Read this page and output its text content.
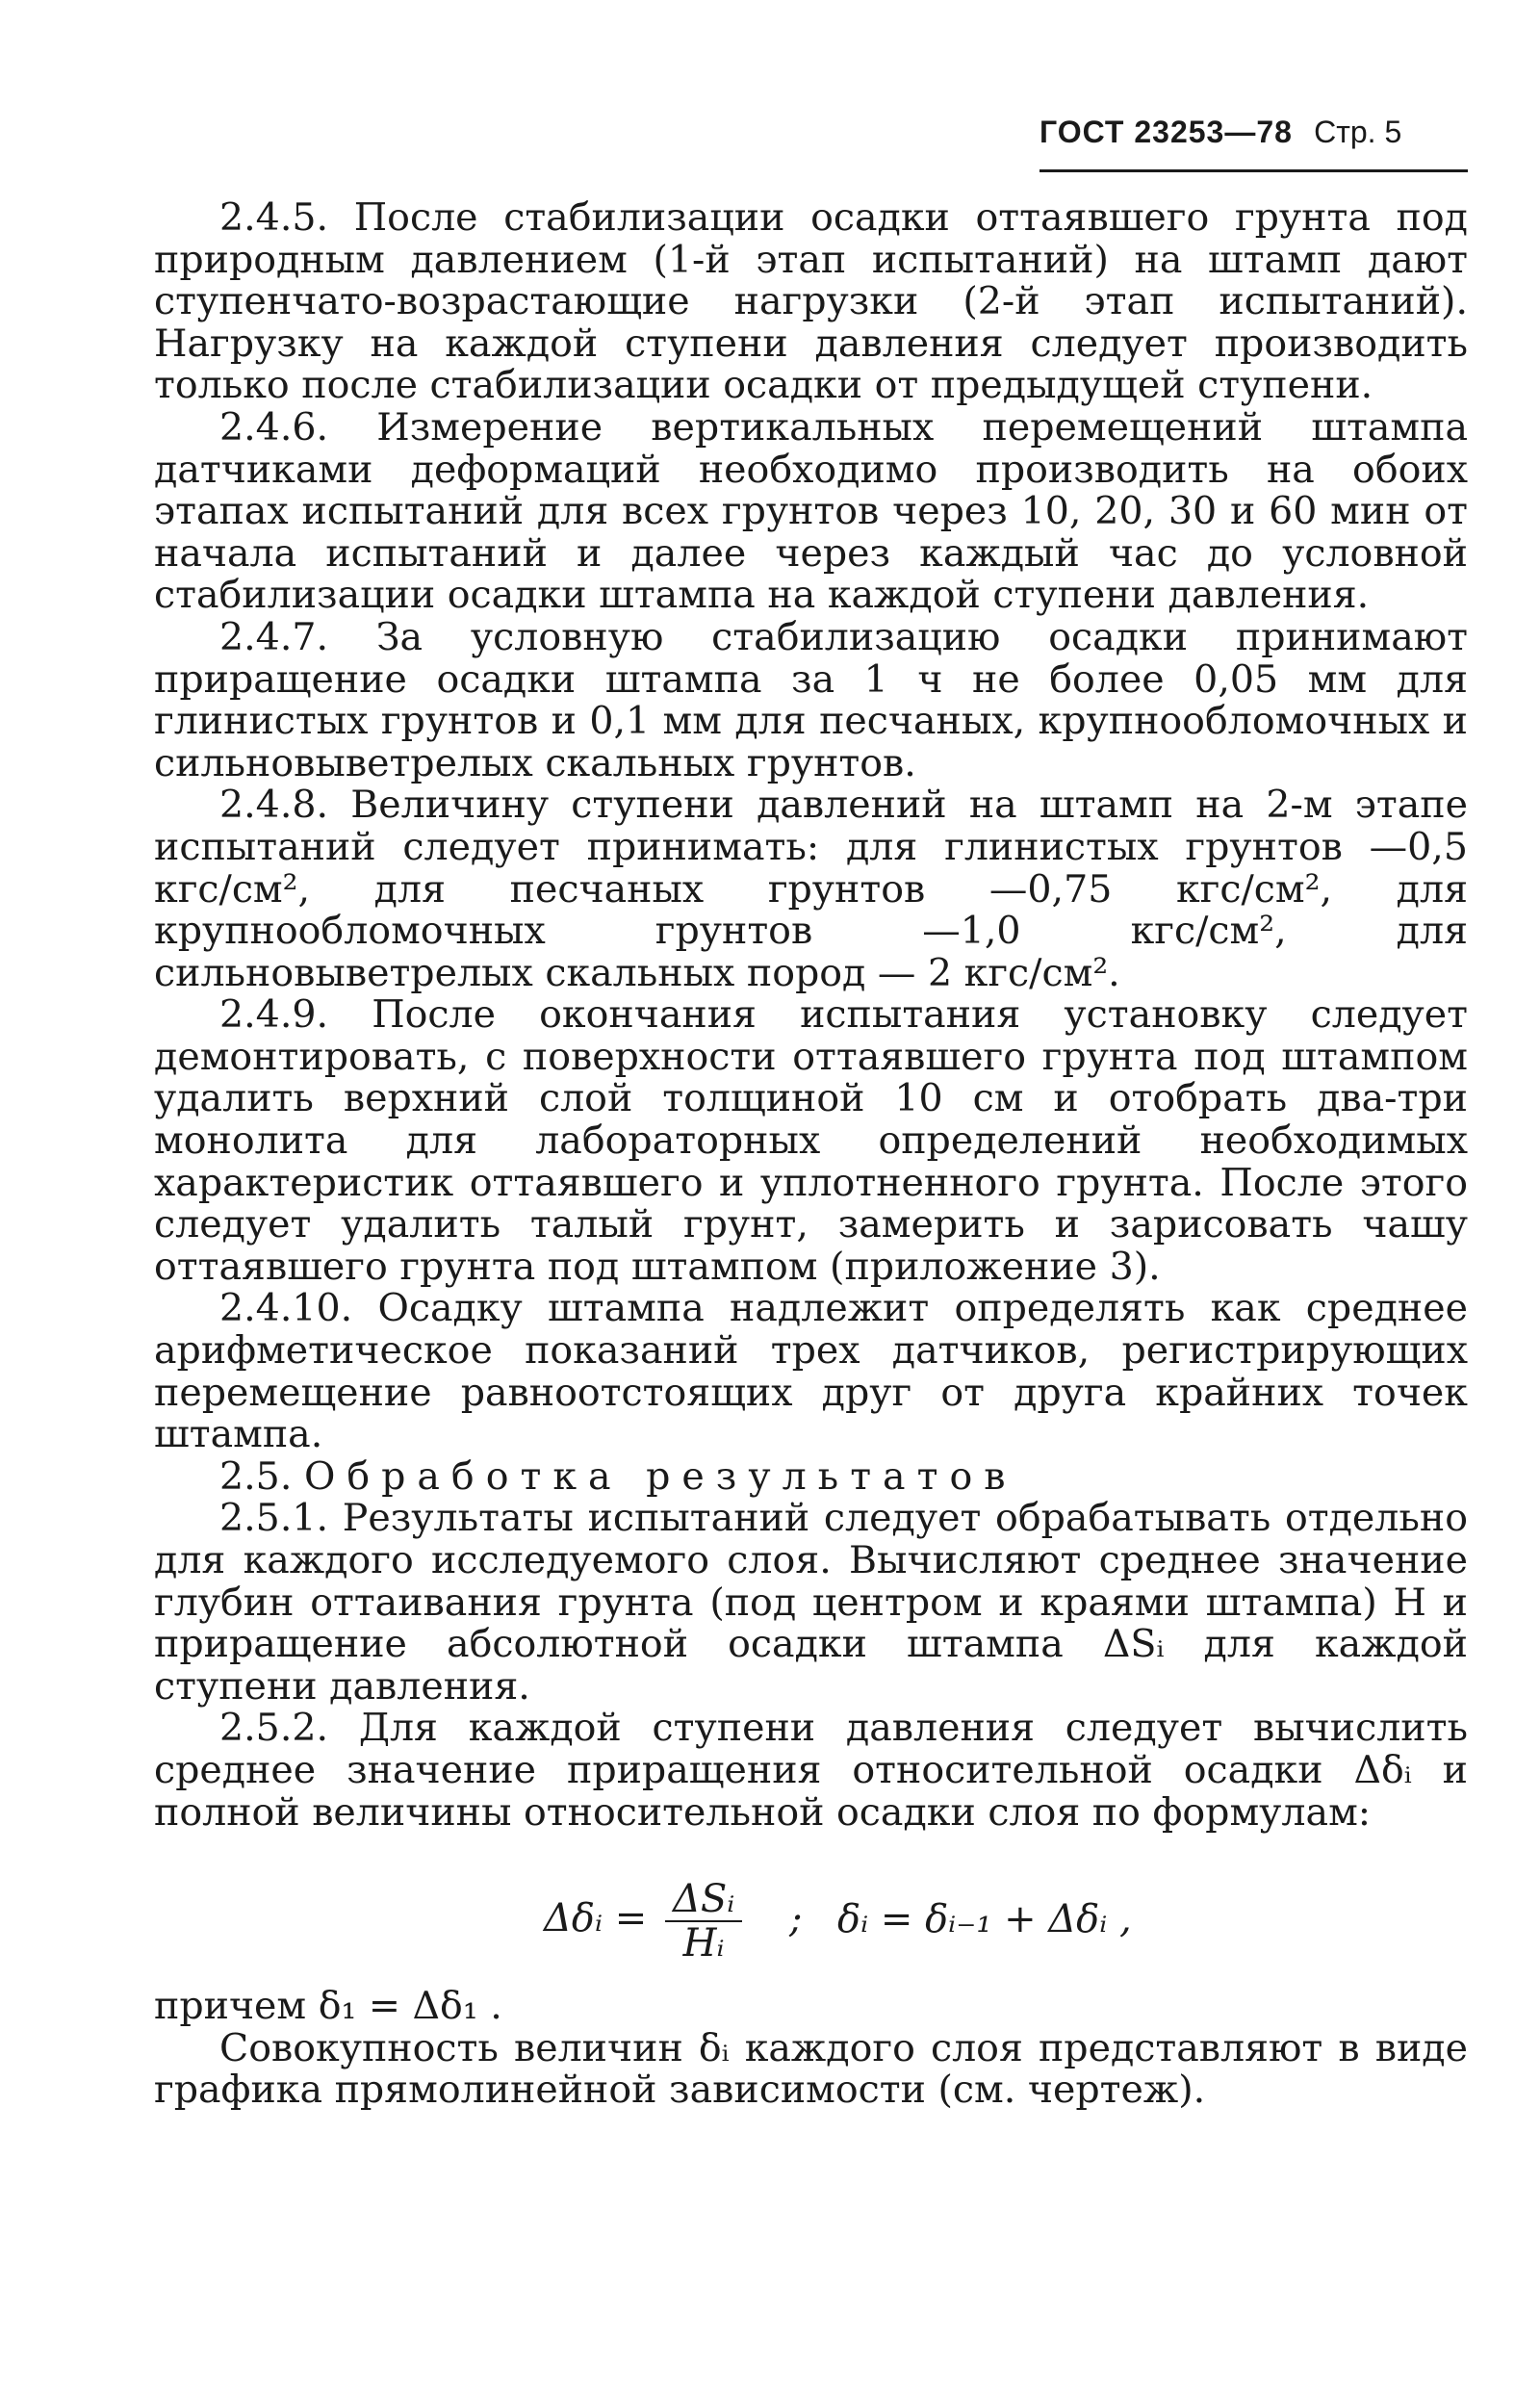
ГОСТ 23253—78 Стр. 5

2.4.5. После стабилизации осадки оттаявшего грунта под природным давлением (1-й этап испытаний) на штамп дают ступенчато-возрастающие нагрузки (2-й этап испытаний). Нагрузку на каждой ступени давления следует производить только после стабилизации осадки от предыдущей ступени.

2.4.6. Измерение вертикальных перемещений штампа датчиками деформаций необходимо производить на обоих этапах испытаний для всех грунтов через 10, 20, 30 и 60 мин от начала испытаний и далее через каждый час до условной стабилизации осадки штампа на каждой ступени давления.

2.4.7. За условную стабилизацию осадки принимают приращение осадки штампа за 1 ч не более 0,05 мм для глинистых грунтов и 0,1 мм для песчаных, крупнообломочных и сильновыветрелых скальных грунтов.

2.4.8. Величину ступени давлений на штамп на 2-м этапе испытаний следует принимать: для глинистых грунтов —0,5 кгс/см², для песчаных грунтов —0,75 кгс/см², для крупнообломочных грунтов —1,0 кгс/см², для сильновыветрелых скальных пород — 2 кгс/см².

2.4.9. После окончания испытания установку следует демонтировать, с поверхности оттаявшего грунта под штампом удалить верхний слой толщиной 10 см и отобрать два-три монолита для лабораторных определений необходимых характеристик оттаявшего и уплотненного грунта. После этого следует удалить талый грунт, замерить и зарисовать чашу оттаявшего грунта под штампом (приложение 3).

2.4.10. Осадку штампа надлежит определять как среднее арифметическое показаний трех датчиков, регистрирующих перемещение равноотстоящих друг от друга крайних точек штампа.

2.5. Обработка результатов

2.5.1. Результаты испытаний следует обрабатывать отдельно для каждого исследуемого слоя. Вычисляют среднее значение глубин оттаивания грунта (под центром и краями штампа) H и приращение абсолютной осадки штампа ΔSᵢ для каждой ступени давления.

2.5.2. Для каждой ступени давления следует вычислить среднее значение приращения относительной осадки Δδᵢ и полной величины относительной осадки слоя по формулам:

Δδᵢ = $\frac{\text{ΔSᵢ}}{\text{Hᵢ}}$ ; δᵢ = δᵢ₋₁ + Δδᵢ ,

причем δ₁ = Δδ₁ .

Совокупность величин δᵢ каждого слоя представляют в виде графика прямолинейной зависимости (см. чертеж).
